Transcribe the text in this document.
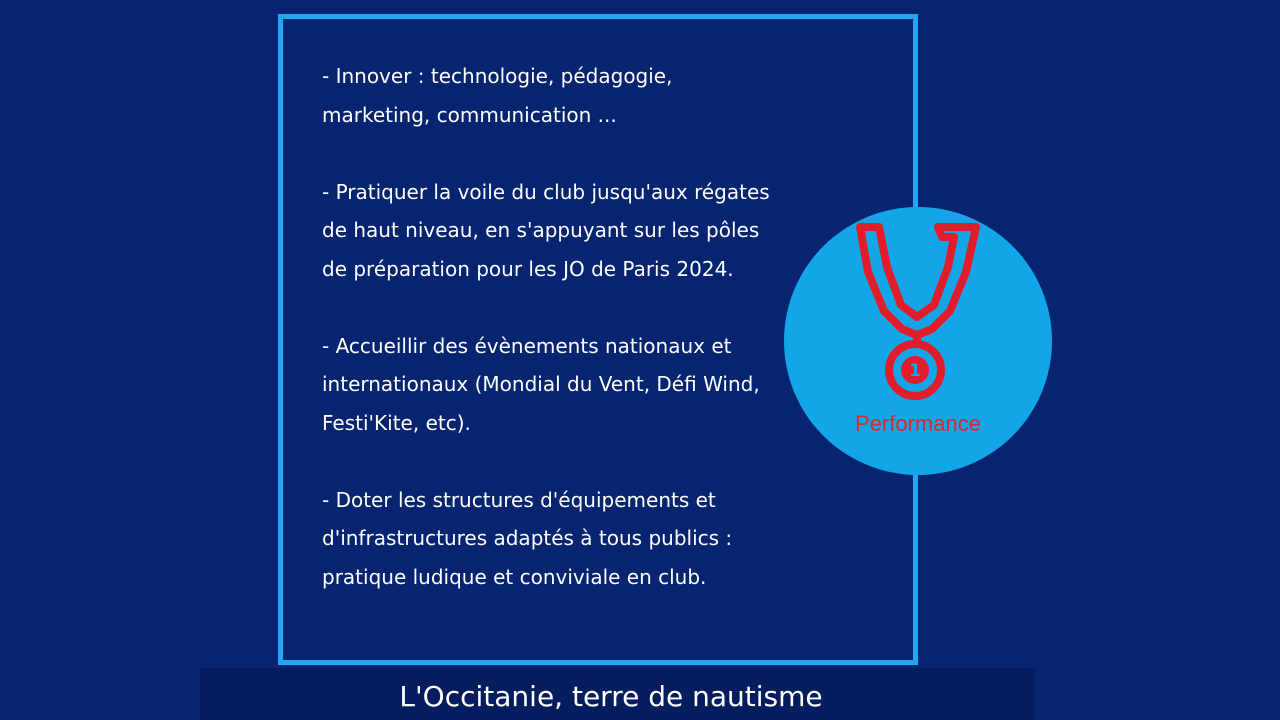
- Innover : technologie, pédagogie, marketing, communication ...

- Pratiquer la voile du club jusqu'aux régates de haut niveau, en s'appuyant sur les pôles de préparation pour les JO de Paris 2024.

- Accueillir des évènements nationaux et internationaux (Mondial du Vent, Défi Wind, Festi'Kite, etc).

- Doter les structures d'équipements et d'infrastructures adaptés à tous publics : pratique ludique et conviviale en club.

1
Performance
L'Occitanie, terre de nautisme
